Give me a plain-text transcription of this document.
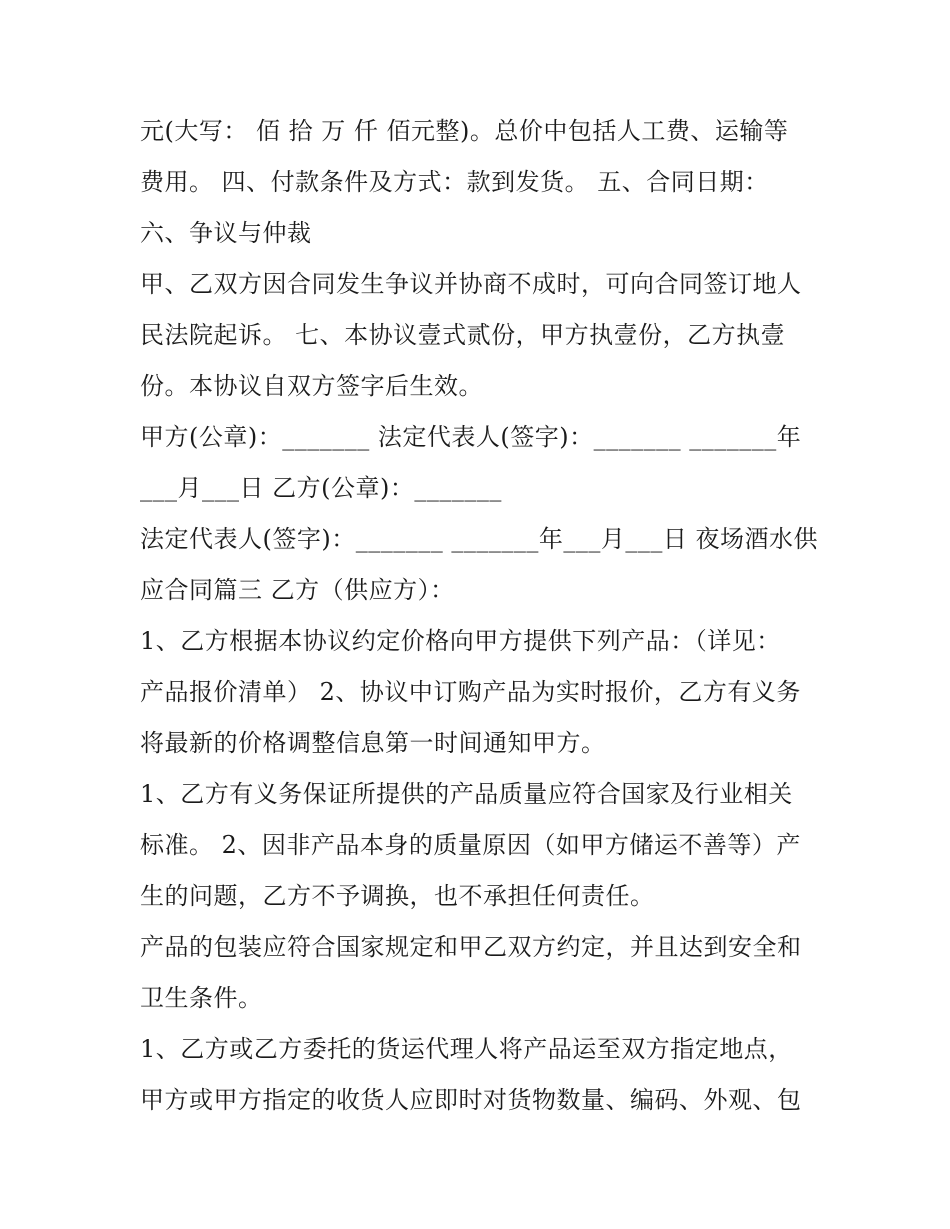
元(大写： 佰 拾 万 仟 佰元整)。总价中包括人工费、运输等
费用。 四、付款条件及方式：款到发货。 五、合同日期：
六、争议与仲裁
甲、乙双方因合同发生争议并协商不成时，可向合同签订地人
民法院起诉。 七、本协议壹式贰份，甲方执壹份，乙方执壹
份。本协议自双方签字后生效。
甲方(公章)：_______ 法定代表人(签字)：_______ _______年
___月___日 乙方(公章)：_______
法定代表人(签字)：_______ _______年___月___日 夜场酒水供
应合同篇三 乙方（供应方）：
1、乙方根据本协议约定价格向甲方提供下列产品：（详见：
产品报价清单） 2、协议中订购产品为实时报价，乙方有义务
将最新的价格调整信息第一时间通知甲方。
1、乙方有义务保证所提供的产品质量应符合国家及行业相关
标准。 2、因非产品本身的质量原因（如甲方储运不善等）产
生的问题，乙方不予调换，也不承担任何责任。
产品的包装应符合国家规定和甲乙双方约定，并且达到安全和
卫生条件。
1、乙方或乙方委托的货运代理人将产品运至双方指定地点，
甲方或甲方指定的收货人应即时对货物数量、编码、外观、包
